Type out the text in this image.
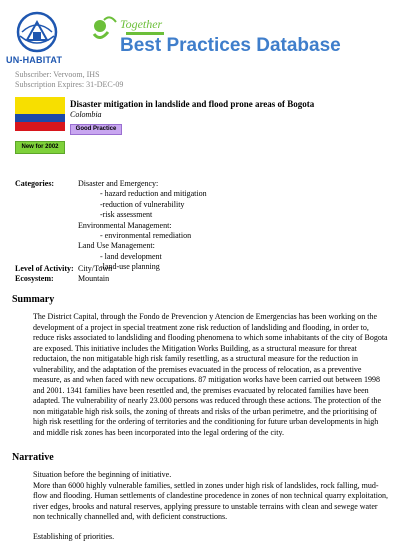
UN-HABITAT
Together
Best Practices Database
Subscriber: Vervoom, IHS
Subscription Expires: 31-DEC-09
Disaster mitigation in landslide and flood prone areas of Bogota
Colombia
Good Practice
New for 2002
Categories:	Disaster and Emergency:
- hazard reduction and mitigation
-reduction of vulnerability
-risk assessment
Environmental Management:
- environmental remediation
Land Use Management:
- land development
-land-use planning
Level of Activity: City/Town
Ecosystem:	Mountain
Summary

The District Capital, through the Fondo de Prevencion y Atencion de Emergencias has been working on the development of a project in special treatment zone risk reduction of landsliding and flooding, in order to, reduce risks associated to landsliding and flooding phenomena to which some inhabitants of the city of Bogota are exposed. This initiative includes the Mitigation Works Building, as a structural measure for threat reductaion, the non mitigatable high risk family resettling, as a structural measure for the reduction in vulnerability, and the adaptation of the premises evacuated in the process of relocation, as a preventive measure, as and when faced with new occupations. 87 mitigation works have been carried out between 1998 and 2001. 1341 families have been resettled and, the premises evacuated by relocated families have been adapted. The vulnerability of nearly 23.000 persons was reduced through these actions. The protection of the non mitigatable high risk soils, the zoning of threats and risks of the urban perimetre, and the prioritising of high risk resettling for the ordering of territories and the conditioning for future urban developments in high and middle risk zones has been incorporated into the legal ordering of the city.

Narrative

Situation before the beginning of initiative.

More than 6000 highly vulnerable families, settled in zones under high risk of landslides, rock falling, mud-flow and flooding. Human settlements of clandestine procedence in zones of non technical quarry exploitation, river edges, brooks and natural reserves, applying pressure to unstable terrains with clean and sewege water non technically channelled and, with deficient constructions.

Establishing of priorities.
